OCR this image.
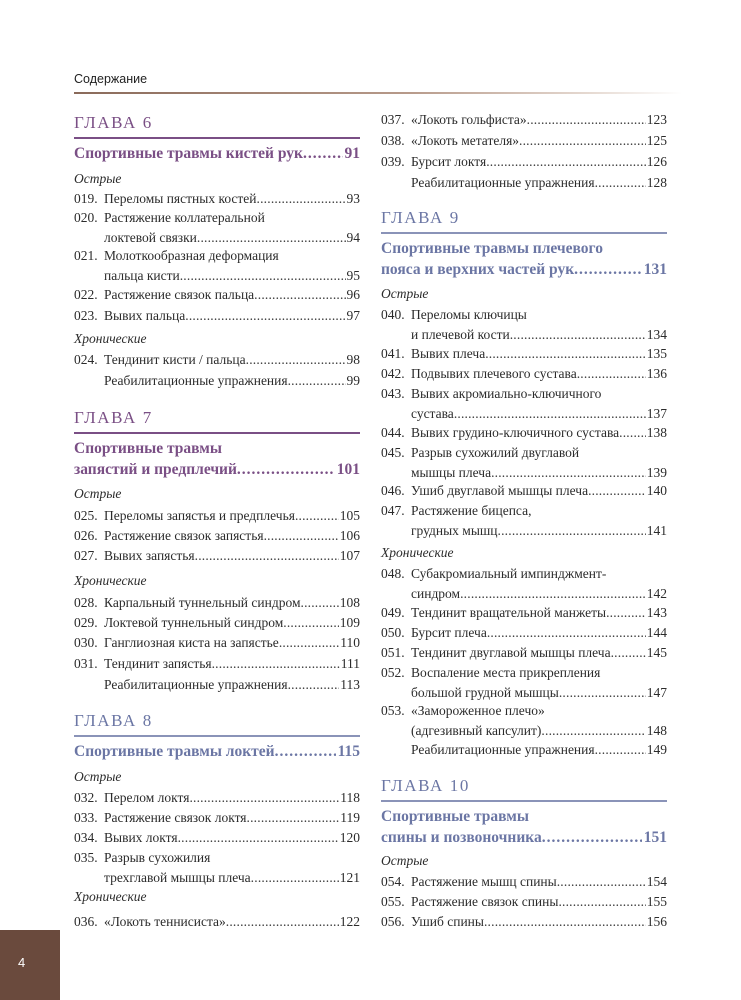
Содержание
ГЛАВА 6
Спортивные травмы кистей рук .....	91
Острые
019. Переломы пястных костей .....	93
020. Растяжение коллатеральной
локтевой связки .....	94
021. Молоткообразная деформация
пальца кисти .....	95
022. Растяжение связок пальца .....	96
023. Вывих пальца .....	97
Хронические
024. Тендинит кисти / пальца .....	98
Реабилитационные упражнения .....	99
ГЛАВА 7
Спортивные травмы
запястий и предплечий .....	101
Острые
025. Переломы запястья и предплечья .....	105
026. Растяжение связок запястья .....	106
027. Вывих запястья .....	107
Хронические
028. Карпальный туннельный синдром .....	108
029. Локтевой туннельный синдром .....	109
030. Ганглиозная киста на запястье .....	110
031. Тендинит запястья .....	111
Реабилитационные упражнения .....	113
ГЛАВА 8
Спортивные травмы локтей .....	115
Острые
032. Перелом локтя .....	118
033. Растяжение связок локтя .....	119
034. Вывих локтя .....	120
035. Разрыв сухожилия
трехглавой мышцы плеча .....	121
Хронические
036. «Локоть теннисиста» .....	122
037. «Локоть гольфиста» .....	123
038. «Локоть метателя» .....	125
039. Бурсит локтя .....	126
Реабилитационные упражнения .....	128
ГЛАВА 9
Спортивные травмы плечевого
пояса и верхних частей рук .....	131
Острые
040. Переломы ключицы
и плечевой кости .....	134
041. Вывих плеча .....	135
042. Подвывих плечевого сустава .....	136
043. Вывих акромиально-ключичного
сустава .....	137
044. Вывих грудино-ключичного сустава ..... 138
045. Разрыв сухожилий двуглавой
мышцы плеча .....	139
046. Ушиб двуглавой мышцы плеча .....	140
047. Растяжение бицепса,
грудных мышц .....	141
Хронические
048. Субакромиальный импинджмент-
синдром .....	142
049. Тендинит вращательной манжеты .....	143
050. Бурсит плеча .....	144
051. Тендинит двуглавой мышцы плеча .....	145
052. Воспаление места прикрепления
большой грудной мышцы .....	147
053. «Замороженное плечо»
(адгезивный капсулит) .....	148
Реабилитационные упражнения .....	149
ГЛАВА 10
Спортивные травмы
спины и позвоночника .....	151
Острые
054. Растяжение мышц спины .....	154
055. Растяжение связок спины .....	155
056. Ушиб спины .....	156
4
